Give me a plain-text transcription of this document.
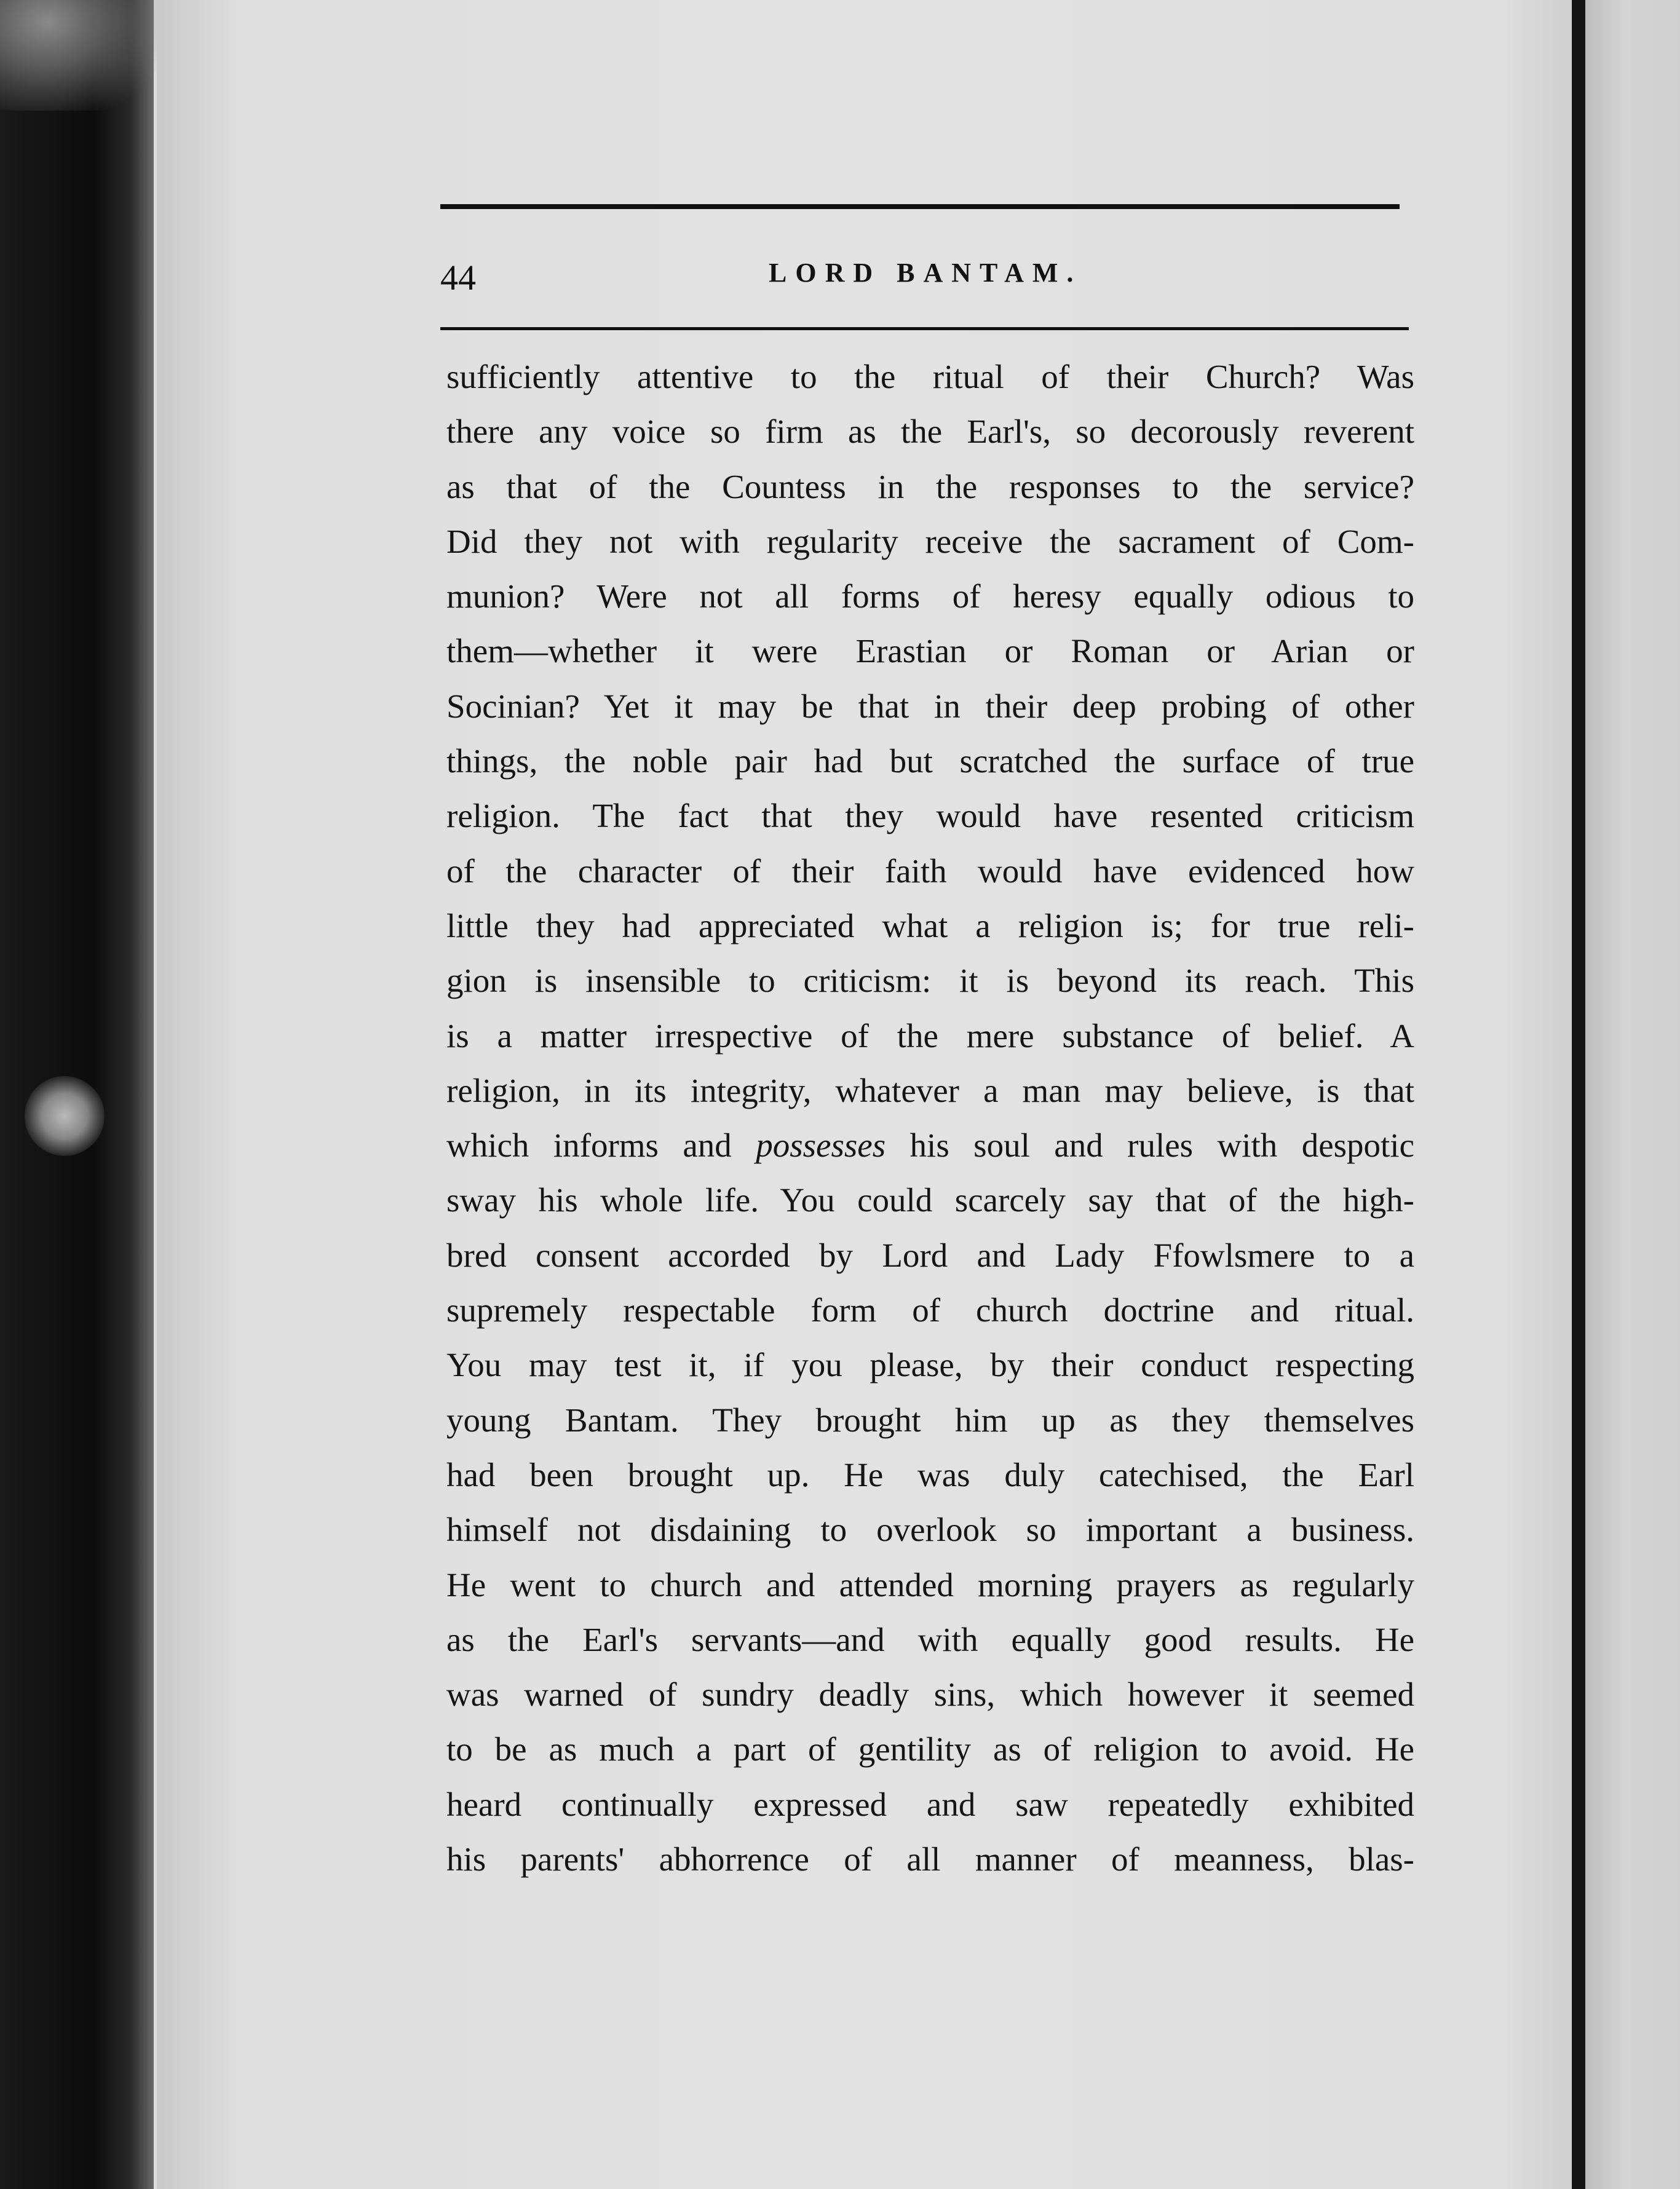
44	LORD BANTAM.
sufficiently attentive to the ritual of their Church? Was
there any voice so firm as the Earl's, so decorously reverent
as that of the Countess in the responses to the service?
Did they not with regularity receive the sacrament of Com-
munion? Were not all forms of heresy equally odious to
them—whether it were Erastian or Roman or Arian or
Socinian? Yet it may be that in their deep probing of other
things, the noble pair had but scratched the surface of true
religion. The fact that they would have resented criticism
of the character of their faith would have evidenced how
little they had appreciated what a religion is; for true reli-
gion is insensible to criticism: it is beyond its reach. This
is a matter irrespective of the mere substance of belief. A
religion, in its integrity, whatever a man may believe, is that
which informs and possesses his soul and rules with despotic
sway his whole life. You could scarcely say that of the high-
bred consent accorded by Lord and Lady Ffowlsmere to a
supremely respectable form of church doctrine and ritual.
You may test it, if you please, by their conduct respecting
young Bantam. They brought him up as they themselves
had been brought up. He was duly catechised, the Earl
himself not disdaining to overlook so important a business.
He went to church and attended morning prayers as regularly
as the Earl's servants—and with equally good results. He
was warned of sundry deadly sins, which however it seemed
to be as much a part of gentility as of religion to avoid. He
heard continually expressed and saw repeatedly exhibited
his parents' abhorrence of all manner of meanness, blas-
